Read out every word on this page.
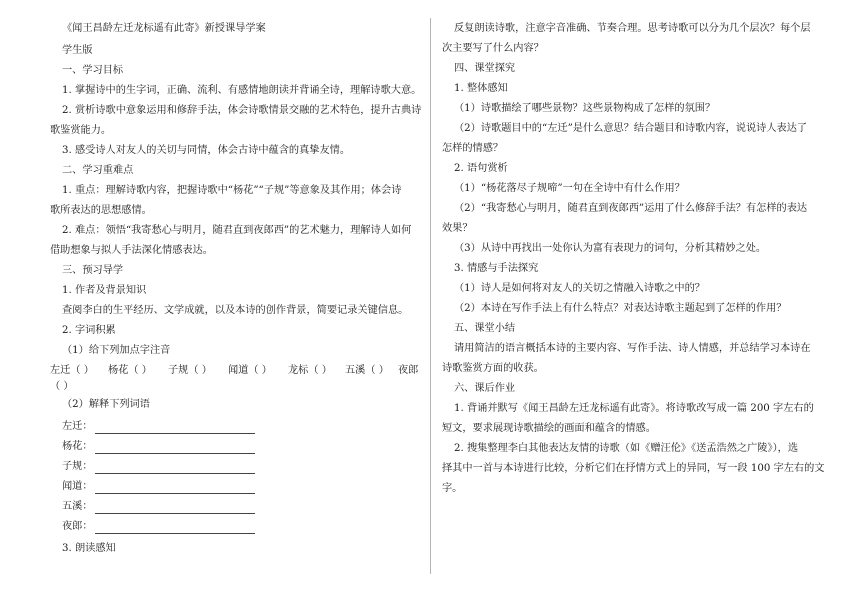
《闻王昌龄左迁龙标遥有此寄》新授课导学案
学生版
一、学习目标
1. 掌握诗中的生字词，正确、流利、有感情地朗读并背诵全诗，理解诗歌大意。
2. 赏析诗歌中意象运用和修辞手法，体会诗歌情景交融的艺术特色，提升古典诗
歌鉴赏能力。
3. 感受诗人对友人的关切与同情，体会古诗中蕴含的真挚友情。
二、学习重难点
1. 重点：理解诗歌内容，把握诗歌中“杨花”“子规”等意象及其作用；体会诗
歌所表达的思想感情。
2. 难点：领悟“我寄愁心与明月，随君直到夜郎西”的艺术魅力，理解诗人如何
借助想象与拟人手法深化情感表达。
三、预习导学
1. 作者及背景知识
查阅李白的生平经历、文学成就，以及本诗的创作背景，简要记录关键信息。
2. 字词积累
（1）给下列加点字注音
左迁（ ） 杨花（ ） 子规（ ） 闻道（ ） 龙标（ ） 五溪（ ） 夜郎
（ ）
（2）解释下列词语
左迁：
杨花：
子规：
闻道：
五溪：
夜郎：
3. 朗读感知
反复朗读诗歌，注意字音准确、节奏合理。思考诗歌可以分为几个层次？每个层
次主要写了什么内容？
四、课堂探究
1. 整体感知
（1）诗歌描绘了哪些景物？这些景物构成了怎样的氛围？
（2）诗歌题目中的“左迁”是什么意思？结合题目和诗歌内容，说说诗人表达了
怎样的情感？
2. 语句赏析
（1）“杨花落尽子规啼”一句在全诗中有什么作用？
（2）“我寄愁心与明月，随君直到夜郎西”运用了什么修辞手法？有怎样的表达
效果？
（3）从诗中再找出一处你认为富有表现力的词句，分析其精妙之处。
3. 情感与手法探究
（1）诗人是如何将对友人的关切之情融入诗歌之中的？
（2）本诗在写作手法上有什么特点？对表达诗歌主题起到了怎样的作用？
五、课堂小结
请用简洁的语言概括本诗的主要内容、写作手法、诗人情感，并总结学习本诗在
诗歌鉴赏方面的收获。
六、课后作业
1. 背诵并默写《闻王昌龄左迁龙标遥有此寄》。将诗歌改写成一篇 200 字左右的
短文，要求展现诗歌描绘的画面和蕴含的情感。
2. 搜集整理李白其他表达友情的诗歌（如《赠汪伦》《送孟浩然之广陵》），选
择其中一首与本诗进行比较，分析它们在抒情方式上的异同，写一段 100 字左右的文
字。
